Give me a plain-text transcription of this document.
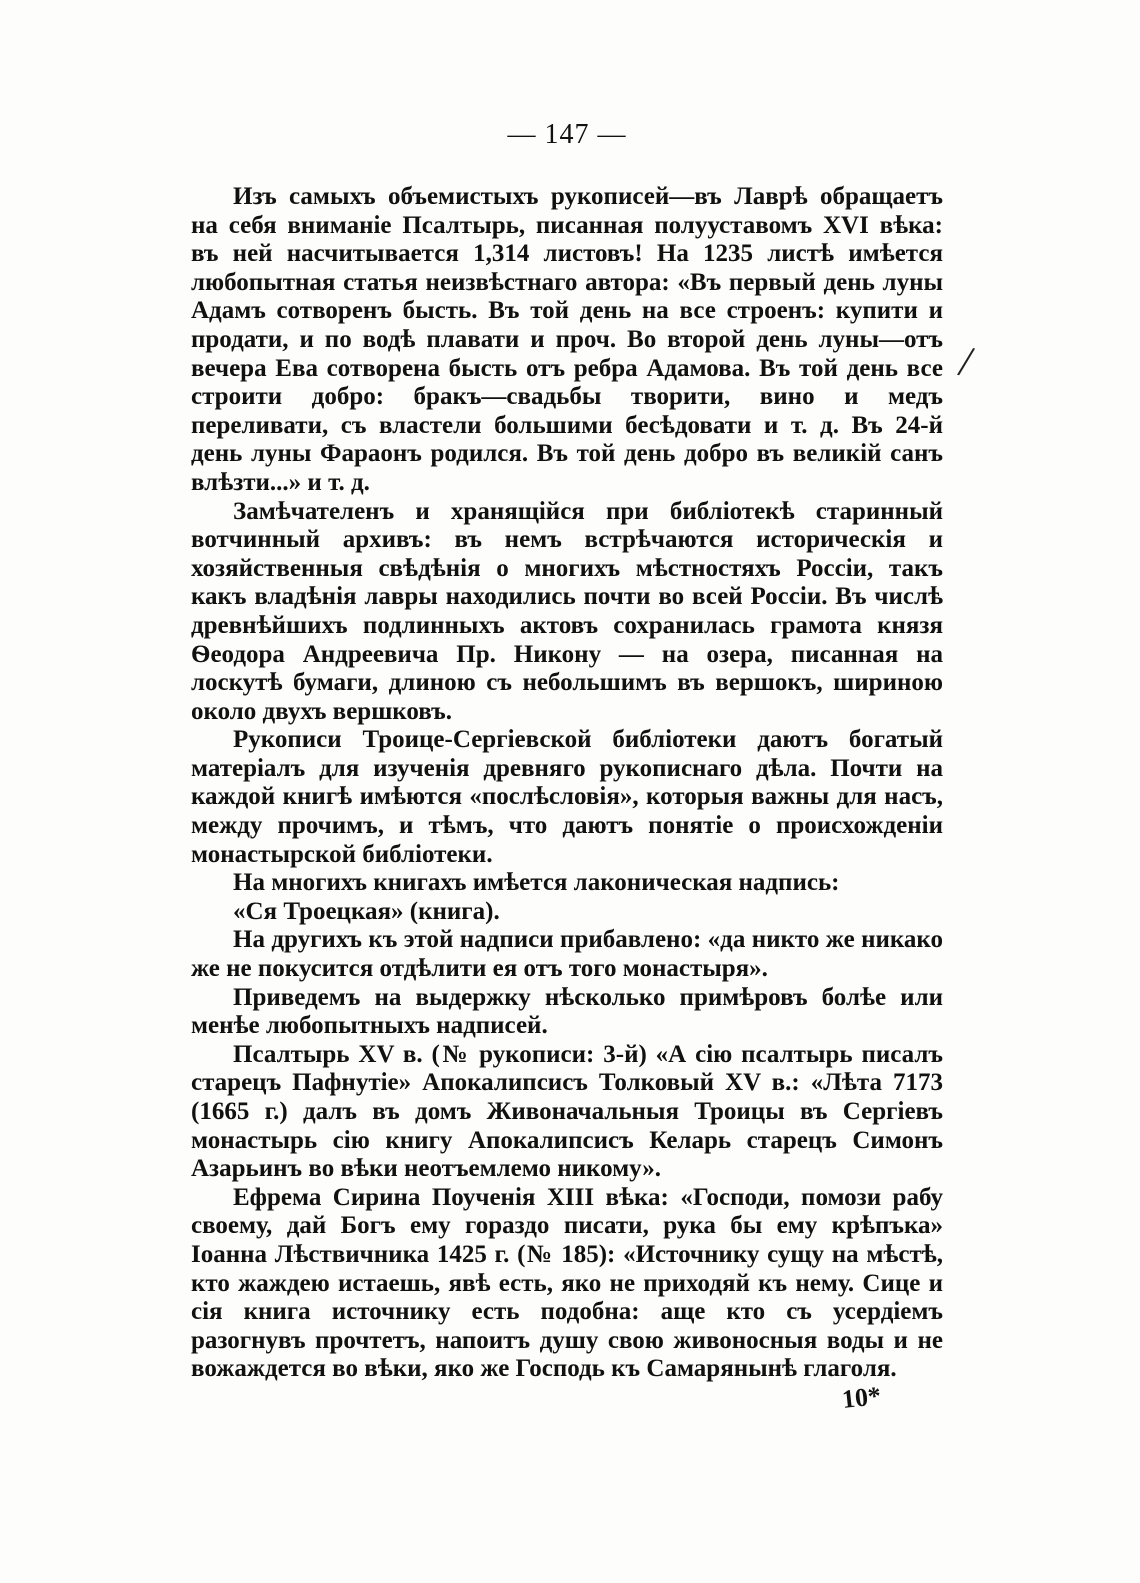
— 147 —

Изъ самыхъ объемистыхъ рукописей—въ Лаврѣ обращаетъ на себя вниманіе Псалтырь, писанная полууставомъ XVI вѣка: въ ней насчитывается 1,314 листовъ! На 1235 листѣ имѣется любопытная статья неизвѣстнаго автора: «Въ первый день луны Адамъ сотворенъ бысть. Въ той день на все строенъ: купити и продати, и по водѣ плавати и проч. Во второй день луны—отъ вечера Ева сотворена бысть отъ ребра Адамова. Въ той день все строити добро: бракъ—свадьбы творити, вино и медъ переливати, съ властели большими бесѣдовати и т. д. Въ 24-й день луны Фараонъ родился. Въ той день добро въ великій санъ влѣзти...» и т. д.

Замѣчателенъ и хранящійся при библіотекѣ старинный вотчинный архивъ: въ немъ встрѣчаются историческія и хозяйственныя свѣдѣнія о многихъ мѣстностяхъ Россіи, такъ какъ владѣнія лавры находились почти во всей Россіи. Въ числѣ древнѣйшихъ подлинныхъ актовъ сохранилась грамота князя Ѳеодора Андреевича Пр. Никону — на озера, писанная на лоскутѣ бумаги, длиною съ небольшимъ въ вершокъ, шириною около двухъ вершковъ.

Рукописи Троице-Сергіевской библіотеки даютъ богатый матеріалъ для изученія древняго рукописнаго дѣла. Почти на каждой книгѣ имѣются «послѣсловія», которыя важны для насъ, между прочимъ, и тѣмъ, что даютъ понятіе о происхожденіи монастырской библіотеки.

На многихъ книгахъ имѣется лаконическая надпись:

«Ся Троецкая» (книга).

На другихъ къ этой надписи прибавлено: «да никто же никако же не покусится отдѣлити ея отъ того монастыря».

Приведемъ на выдержку нѣсколько примѣровъ болѣе или менѣе любопытныхъ надписей.

Псалтырь XV в. (№ рукописи: 3-й) «А сію псалтырь писалъ старецъ Пафнутіе» Апокалипсисъ Толковый XV в.: «Лѣта 7173 (1665 г.) далъ въ домъ Живоначальныя Троицы въ Сергіевъ монастырь сію книгу Апокалипсисъ Келарь старецъ Симонъ Азарьинъ во вѣки неотъемлемо никому».

Ефрема Сирина Поученія XIII вѣка: «Господи, помози рабу своему, дай Богъ ему гораздо писати, рука бы ему крѣпъка» Іоанна Лѣствичника 1425 г. (№ 185): «Источнику сущу на мѣстѣ, кто жаждею истаешь, явѣ есть, яко не приходяй къ нему. Сице и сія книга источнику есть подобна: аще кто съ усердіемъ разогнувъ прочтетъ, напоитъ душу свою живоносныя воды и не вожаждется во вѣки, яко же Господь къ Самарянынѣ глаголя.

/
10*
